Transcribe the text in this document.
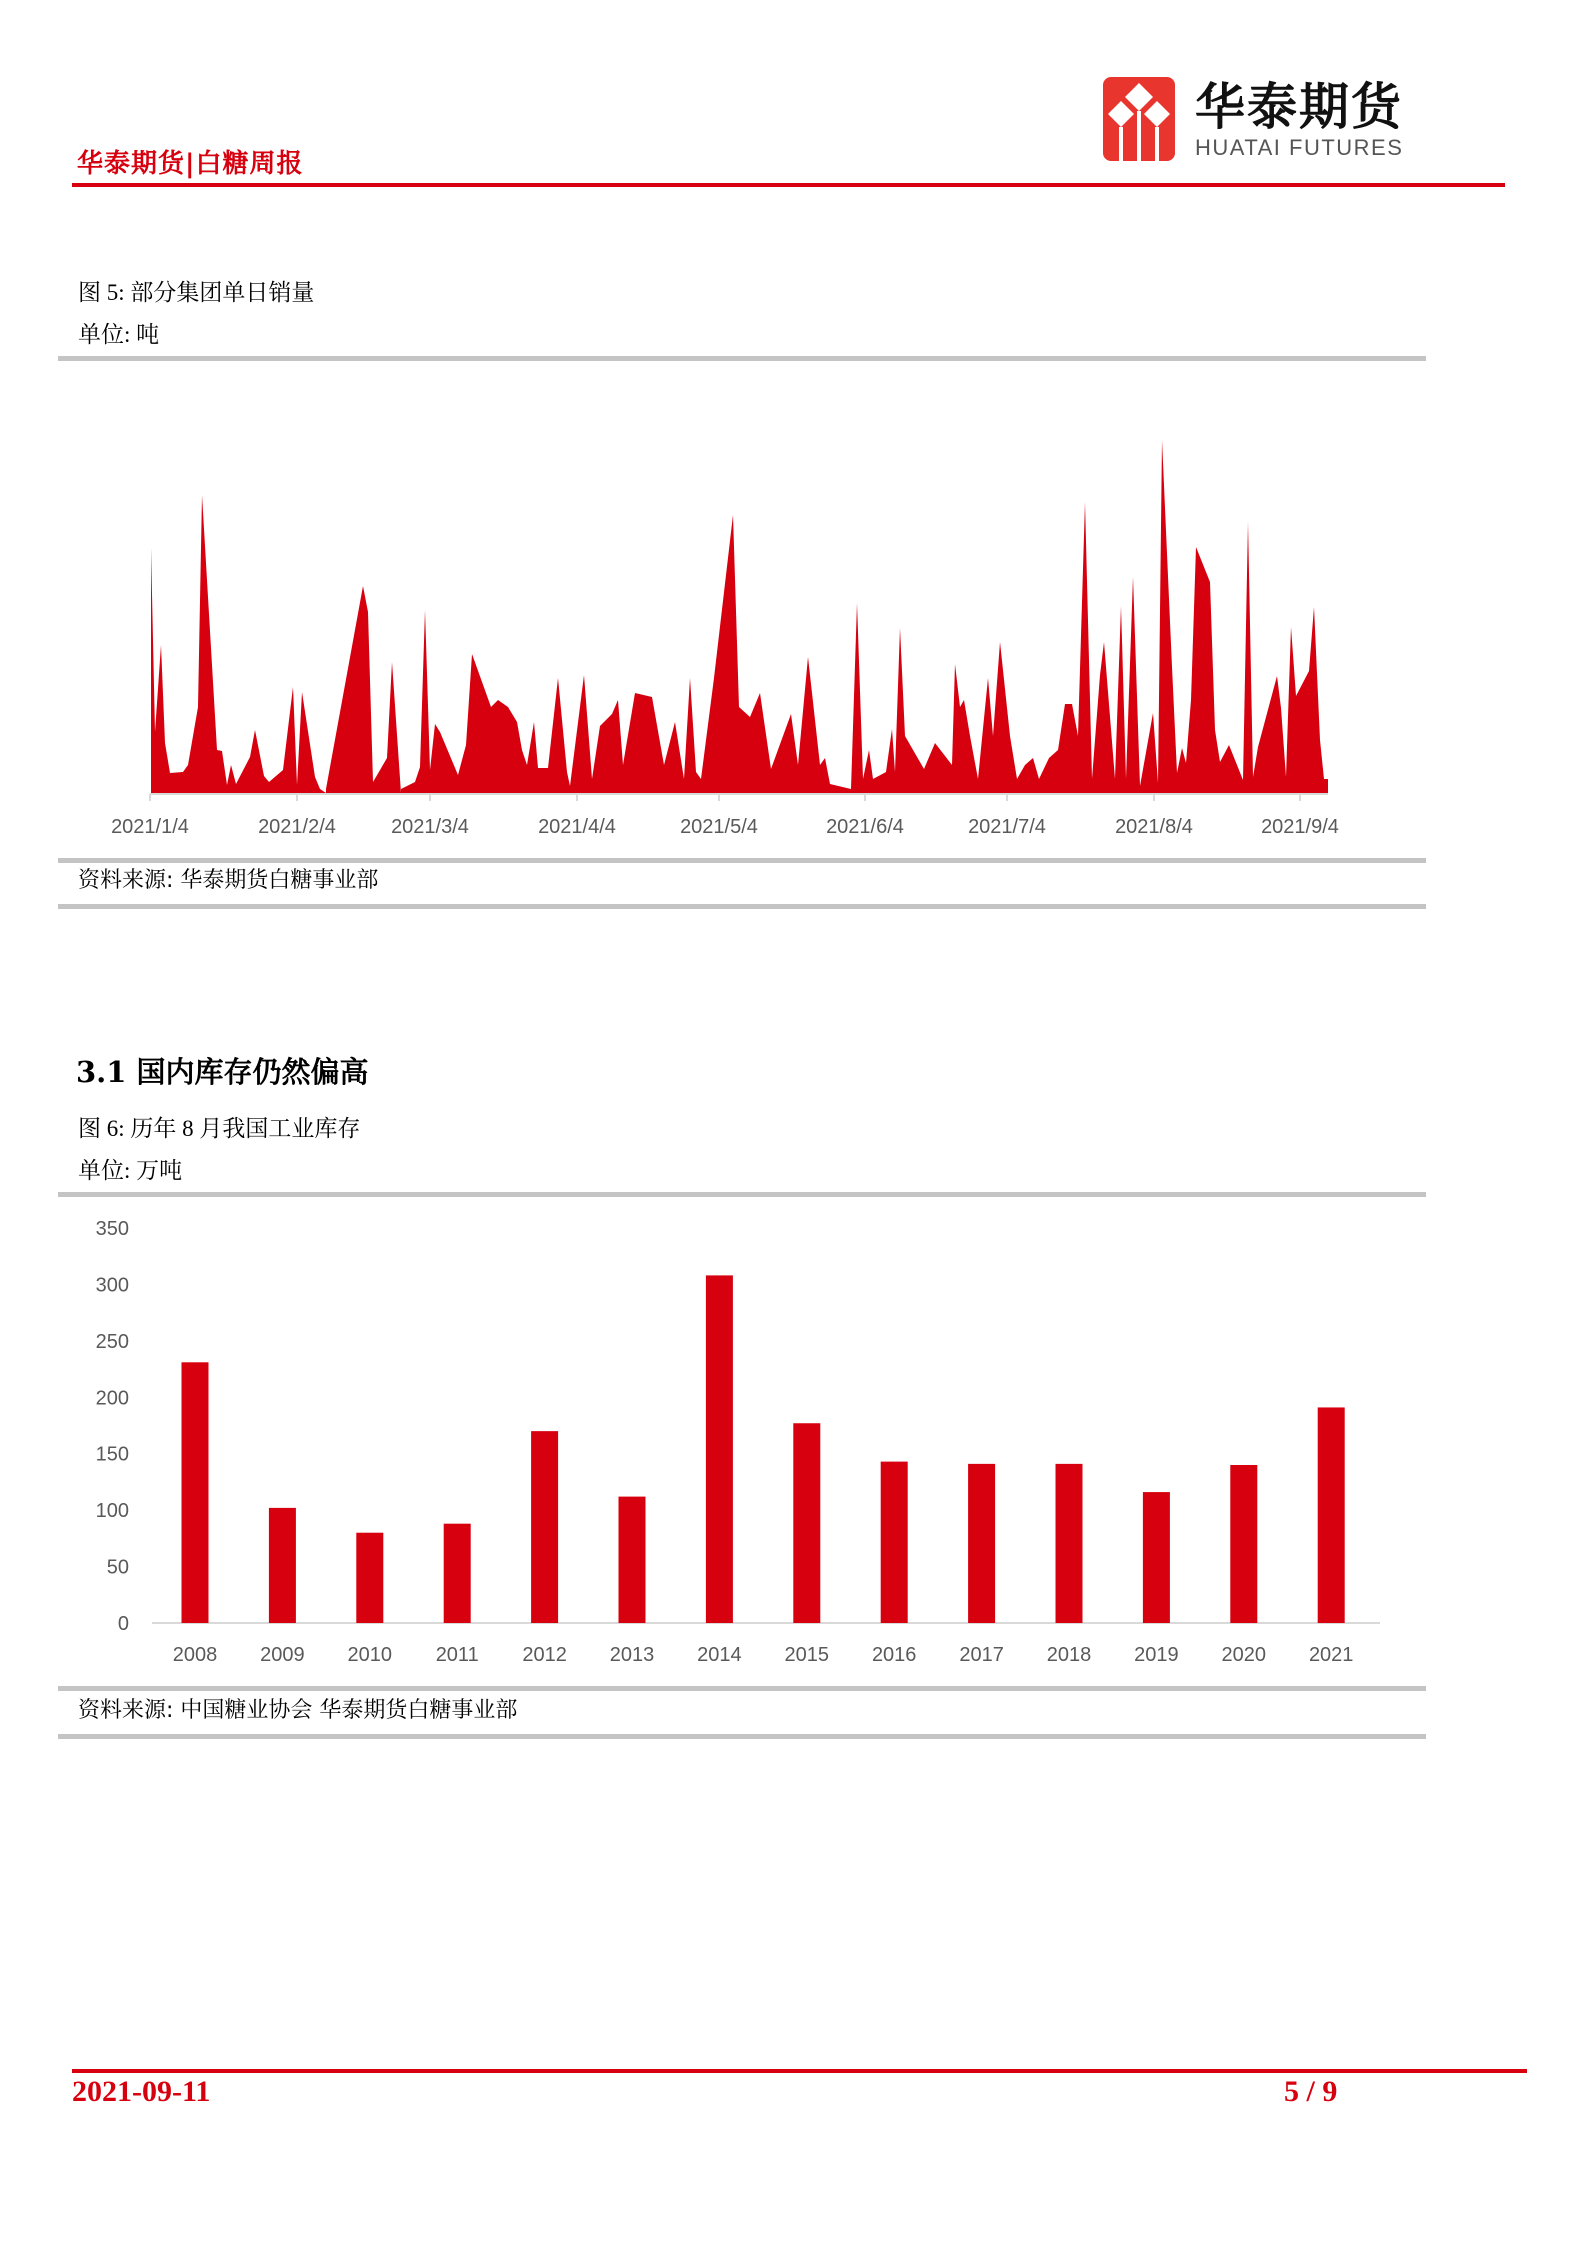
华泰期货|白糖周报
华泰期货
HUATAI FUTURES
图 5: 部分集团单日销量
单位: 吨
2021/1/4	2021/2/4	2021/3/4	2021/4/4	2021/5/4	2021/6/4	2021/7/4	2021/8/4	2021/9/4
资料来源: 华泰期货白糖事业部
3.1 国内库存仍然偏高
图 6: 历年 8 月我国工业库存
单位: 万吨
0
50
100
150
200
250
300
350
2008 2009 2010 2011 2012 2013 2014 2015 2016 2017 2018 2019 2020 2021
资料来源: 中国糖业协会 华泰期货白糖事业部
2021-09-11	5 / 9
